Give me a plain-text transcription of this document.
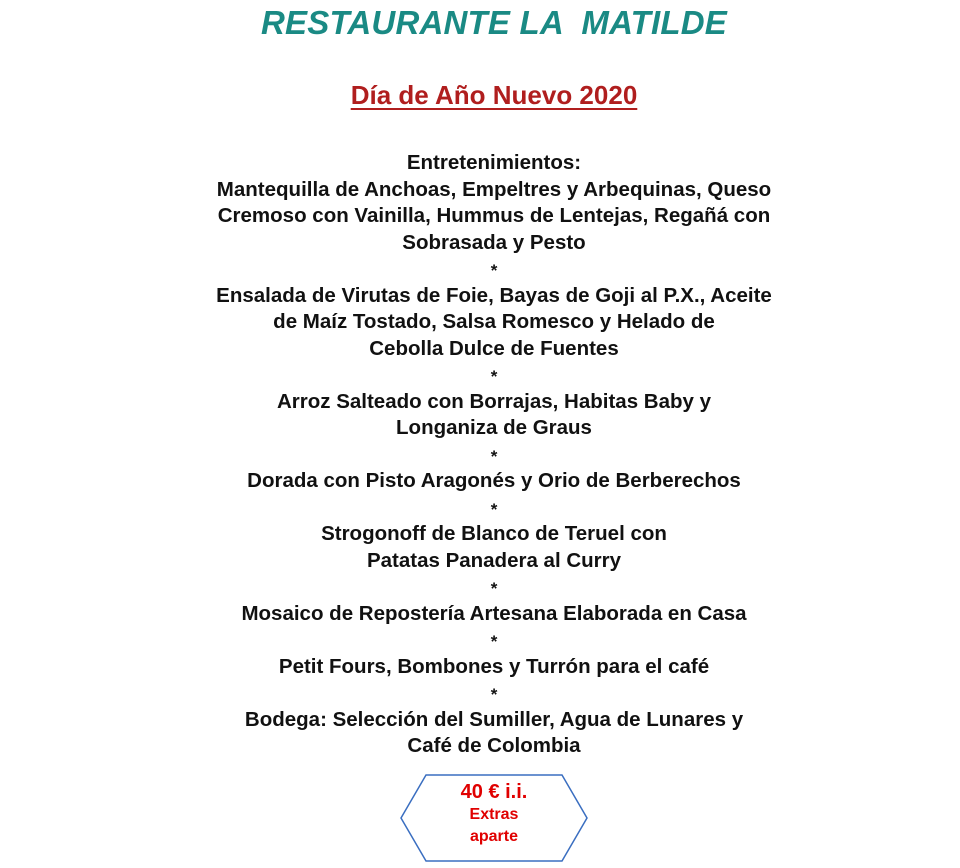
RESTAURANTE LA  MATILDE
Día de Año Nuevo 2020
Entretenimientos:
Mantequilla de Anchoas, Empeltres y Arbequinas, Queso
Cremoso con Vainilla, Hummus de Lentejas, Regañá con
Sobrasada y Pesto
*
Ensalada de Virutas de Foie, Bayas de Goji al P.X., Aceite
de Maíz Tostado, Salsa Romesco y Helado de
Cebolla Dulce de Fuentes
*
Arroz Salteado con Borrajas, Habitas Baby y
Longaniza de Graus
*
Dorada con Pisto Aragonés y Orio de Berberechos
*
Strogonoff de Blanco de Teruel con
Patatas Panadera al Curry
*
Mosaico de Repostería Artesana Elaborada en Casa
*
Petit Fours, Bombones y Turrón para el café
*
Bodega: Selección del Sumiller, Agua de Lunares y
Café de Colombia
40 € i.i.
Extras
aparte
